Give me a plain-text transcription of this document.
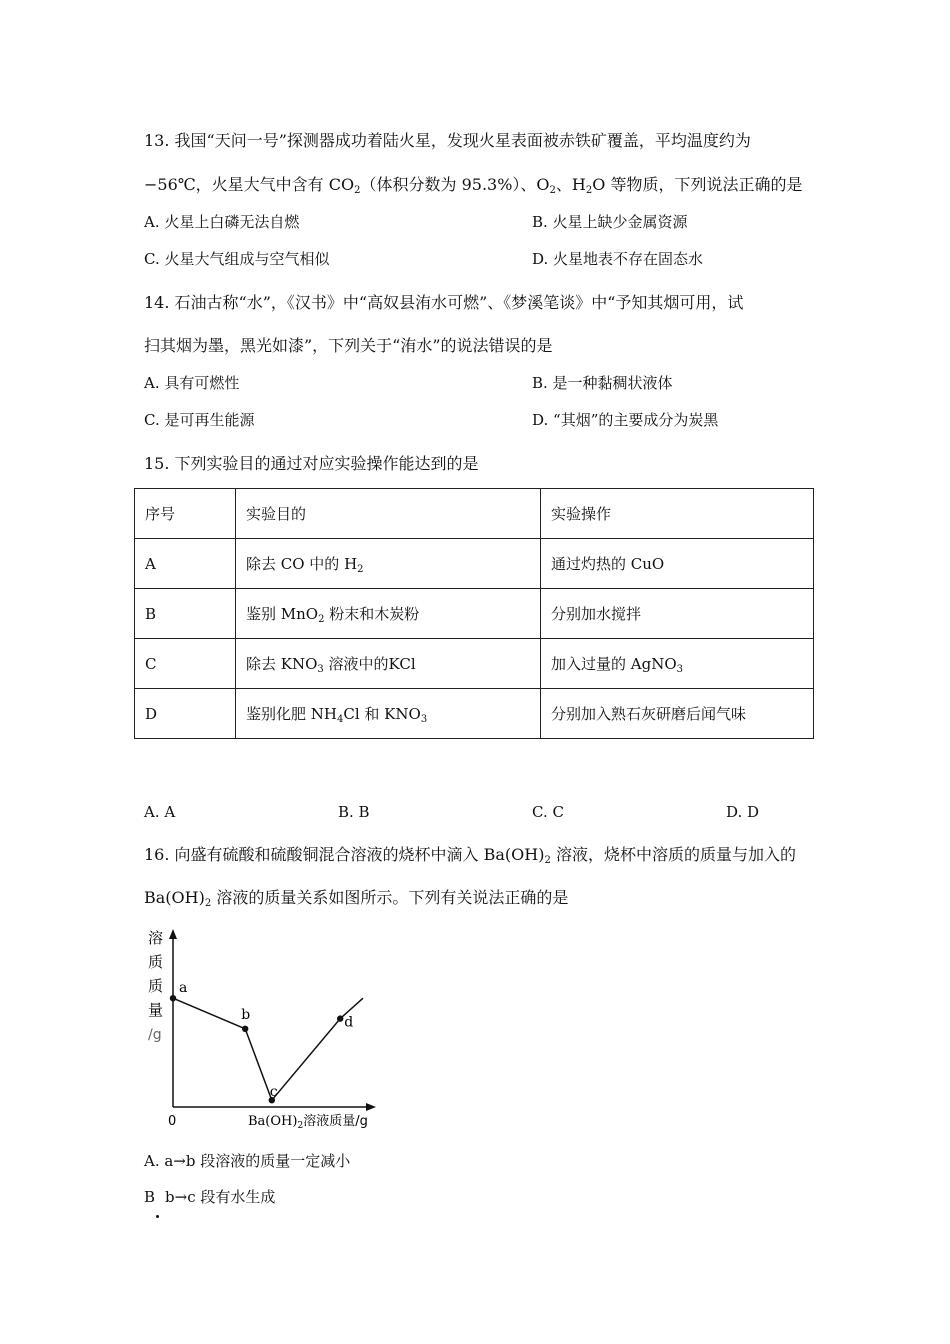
13. 我国“天问一号”探测器成功着陆火星，发现火星表面被赤铁矿覆盖，平均温度约为
−56℃，火星大气中含有 $CO_2$（体积分数为 95.3%）、$O_2$、$H_2O$ 等物质，下列说法正确的是
A. 火星上白磷无法自燃	B. 火星上缺少金属资源
C. 火星大气组成与空气相似	D. 火星地表不存在固态水
14. 石油古称“水”，《汉书》中“高奴县洧水可燃”、《梦溪笔谈》中“予知其烟可用，试
扫其烟为墨，黑光如漆”，下列关于“洧水”的说法错误的是
A. 具有可燃性	B. 是一种黏稠状液体
C. 是可再生能源	D. “其烟”的主要成分为炭黑
15. 下列实验目的通过对应实验操作能达到的是
序号	实验目的	实验操作
A	除去 CO 中的 $H_2$	通过灼热的 CuO
B	鉴别 MnO$_2$ 粉末和木炭粉	分别加水搅拌
C	除去 $KNO_3$ 溶液中的KCl	加入过量的 AgNO$_3$
D	鉴别化肥 $NH_4Cl$ 和 $KNO_3$	分别加入熟石灰研磨后闻气味
A. A	B. B	C. C	D. D
16. 向盛有硫酸和硫酸铜混合溶液的烧杯中滴入 $Ba(OH)_2$ 溶液，烧杯中溶质的质量与加入的
$Ba(OH)_2$ 溶液的质量关系如图所示。下列有关说法正确的是
溶
质
质
量
/g
0	$Ba(OH)_2$溶液质量/g
a
b
c
d
A. a→b 段溶液的质量一定减小
B b→c 段有水生成
